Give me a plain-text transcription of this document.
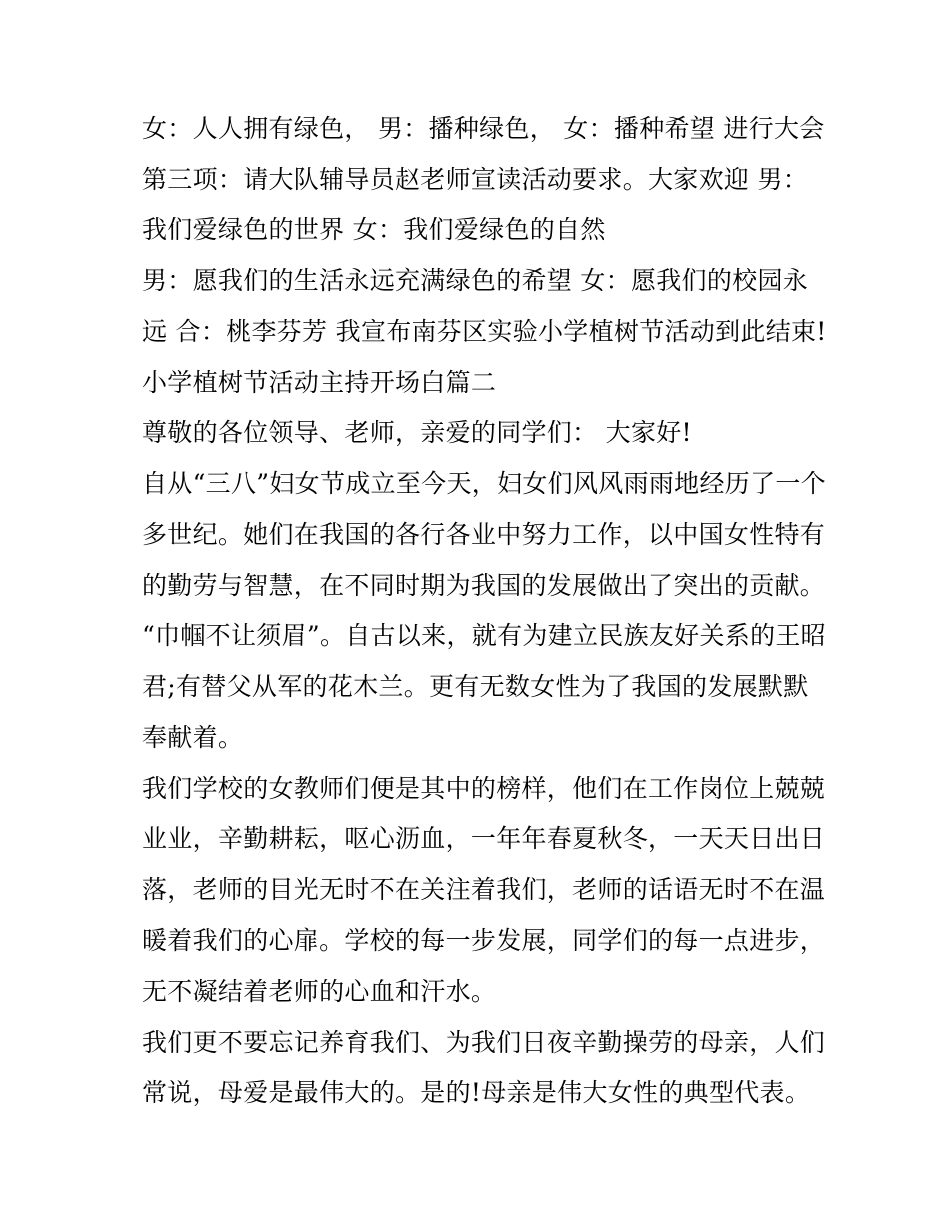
女：人人拥有绿色， 男：播种绿色， 女：播种希望 进行大会
第三项：请大队辅导员赵老师宣读活动要求。大家欢迎 男：
我们爱绿色的世界 女：我们爱绿色的自然
男：愿我们的生活永远充满绿色的希望 女：愿我们的校园永
远 合：桃李芬芳 我宣布南芬区实验小学植树节活动到此结束!
小学植树节活动主持开场白篇二
尊敬的各位领导、老师，亲爱的同学们： 大家好!
自从“三八”妇女节成立至今天，妇女们风风雨雨地经历了一个
多世纪。她们在我国的各行各业中努力工作，以中国女性特有
的勤劳与智慧，在不同时期为我国的发展做出了突出的贡献。
“巾帼不让须眉”。自古以来，就有为建立民族友好关系的王昭
君;有替父从军的花木兰。更有无数女性为了我国的发展默默
奉献着。
我们学校的女教师们便是其中的榜样，他们在工作岗位上兢兢
业业，辛勤耕耘，呕心沥血，一年年春夏秋冬，一天天日出日
落，老师的目光无时不在关注着我们，老师的话语无时不在温
暖着我们的心扉。学校的每一步发展，同学们的每一点进步，
无不凝结着老师的心血和汗水。
我们更不要忘记养育我们、为我们日夜辛勤操劳的母亲，人们
常说，母爱是最伟大的。是的!母亲是伟大女性的典型代表。
